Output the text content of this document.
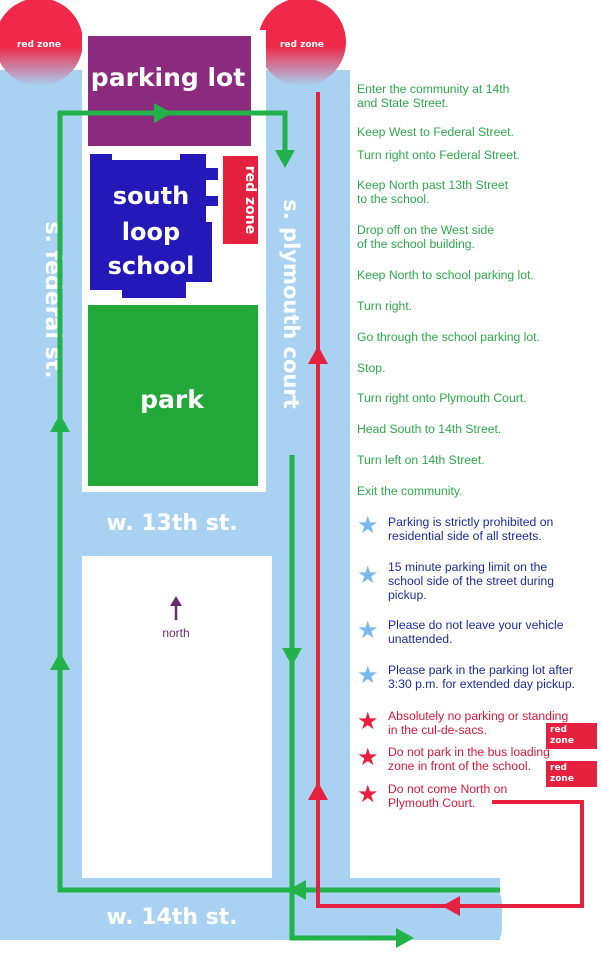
red zone	red zone
parking lot
south
loop
school
red zone
park
s. federal st.	s. plymouth court
w. 13th st.
w. 14th st.
north
Enter the community at 14th
and State Street.
Keep West to Federal Street.
Turn right onto Federal Street.
Keep North past 13th Street
to the school.
Drop off on the West side
of the school building.
Keep North to school parking lot.
Turn right.
Go through the school parking lot.
Stop.
Turn right onto Plymouth Court.
Head South to 14th Street.
Turn left on 14th Street.
Exit the community.
★ Parking is strictly prohibited on
residential side of all streets.
★ 15 minute parking limit on the
school side of the street during
pickup.
★ Please do not leave your vehicle
unattended.
★ Please park in the parking lot after
3:30 p.m. for extended day pickup.
★ Absolutely no parking or standing
in the cul-de-sacs.	red zone
★ Do not park in the bus loading
zone in front of the school.	red zone
★ Do not come North on
Plymouth Court.
